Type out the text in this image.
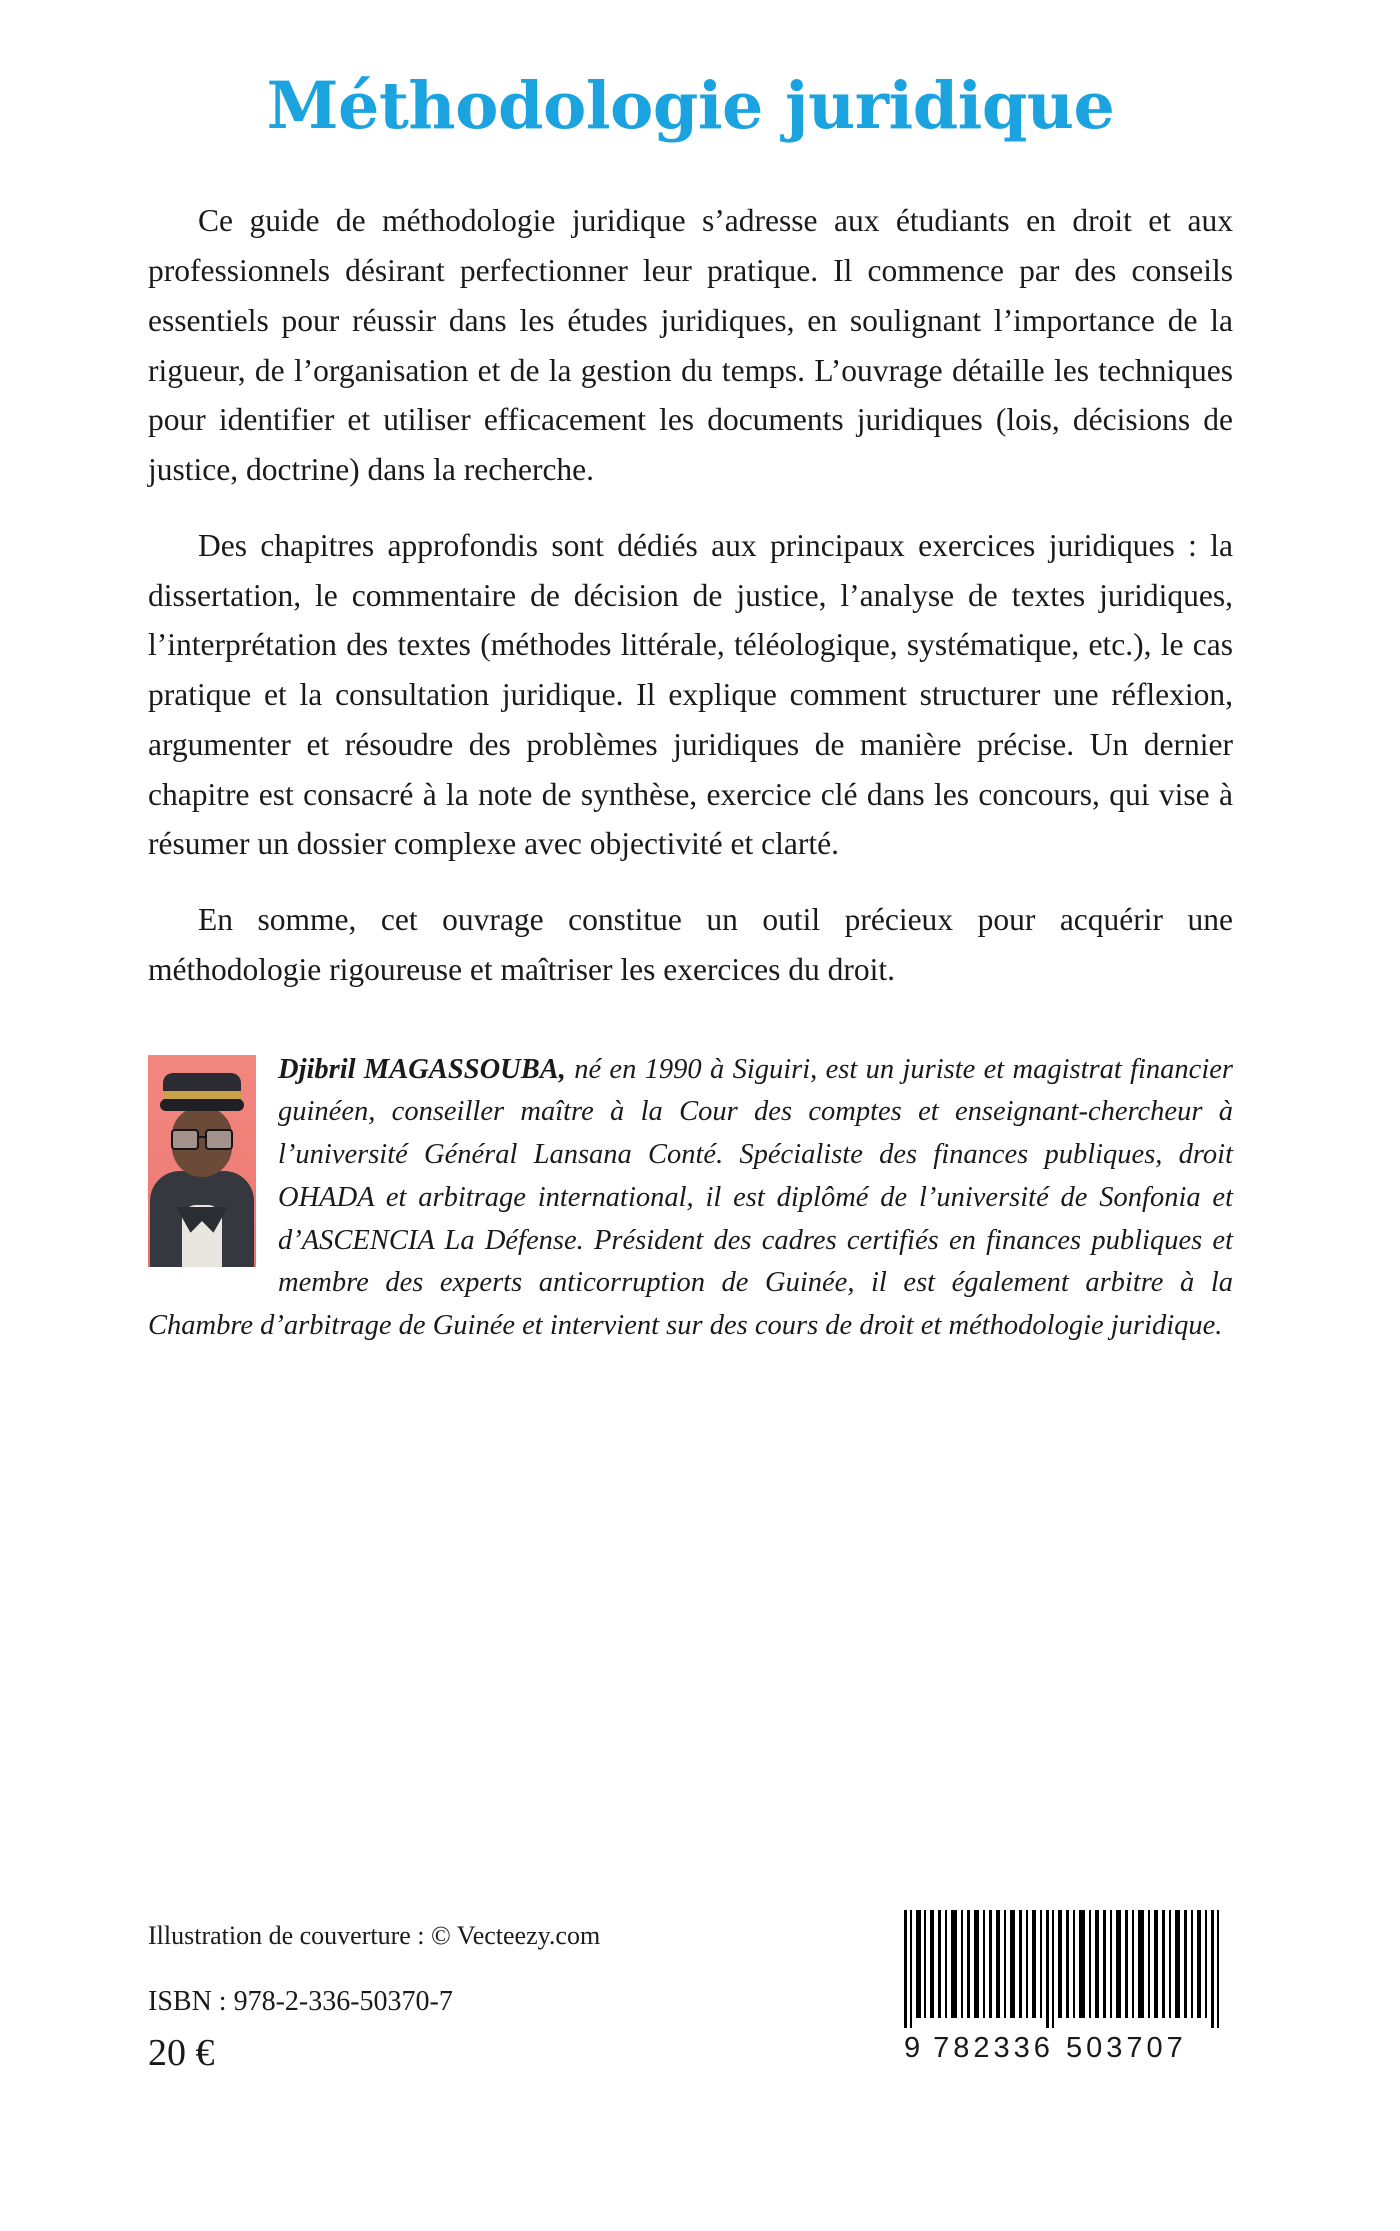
Méthodologie juridique

Ce guide de méthodologie juridique s’adresse aux étudiants en droit et aux professionnels désirant perfectionner leur pratique. Il commence par des conseils essentiels pour réussir dans les études juridiques, en soulignant l’importance de la rigueur, de l’organisation et de la gestion du temps. L’ouvrage détaille les techniques pour identifier et utiliser efficacement les documents juridiques (lois, décisions de justice, doctrine) dans la recherche.

Des chapitres approfondis sont dédiés aux principaux exercices juridiques : la dissertation, le commentaire de décision de justice, l’analyse de textes juridiques, l’interprétation des textes (méthodes littérale, téléologique, systématique, etc.), le cas pratique et la consultation juridique. Il explique comment structurer une réflexion, argumenter et résoudre des problèmes juridiques de manière précise. Un dernier chapitre est consacré à la note de synthèse, exercice clé dans les concours, qui vise à résumer un dossier complexe avec objectivité et clarté.

En somme, cet ouvrage constitue un outil précieux pour acquérir une méthodologie rigoureuse et maîtriser les exercices du droit.

Djibril MAGASSOUBA, né en 1990 à Siguiri, est un juriste et magistrat financier guinéen, conseiller maître à la Cour des comptes et enseignant-chercheur à l’université Général Lansana Conté. Spécialiste des finances publiques, droit OHADA et arbitrage international, il est diplômé de l’université de Sonfonia et d’ASCENCIA La Défense. Président des cadres certifiés en finances publiques et membre des experts anticorruption de Guinée, il est également arbitre à la Chambre d’arbitrage de Guinée et intervient sur des cours de droit et méthodologie juridique.

Illustration de couverture : © Vecteezy.com

ISBN : 978-2-336-50370-7

20 €	9 782336 503707
